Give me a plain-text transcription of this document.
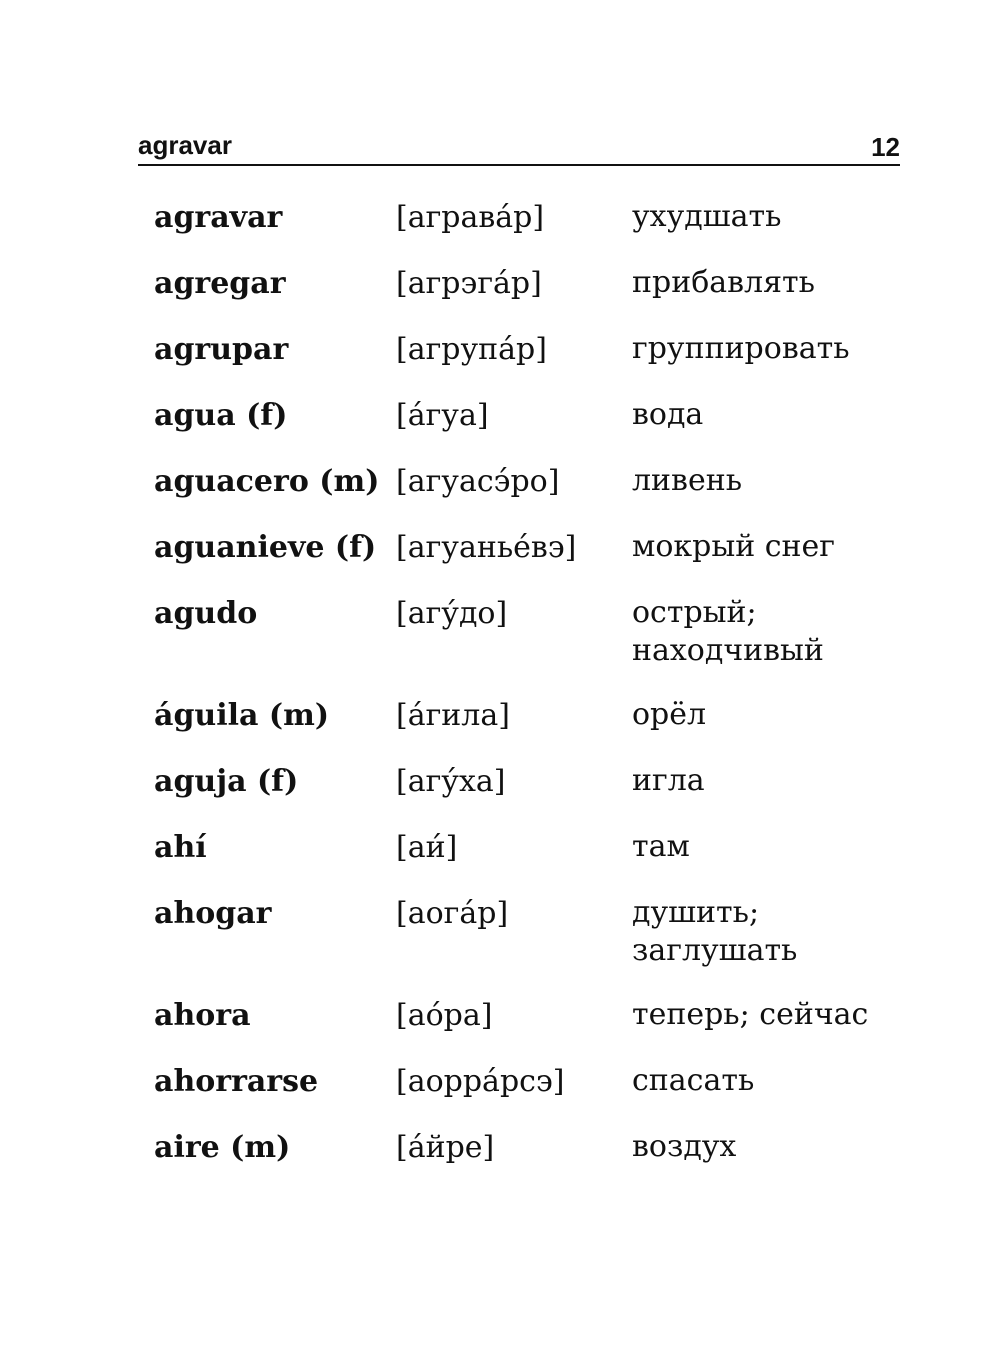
agravar	12
agravar	[аграва́р]	ухудшать
agregar	[агрэга́р]	прибавлять
agrupar	[агрупа́р]	группировать
agua (f)	[а́гуа]	вода
aguacero (m) [агуасэ́ро]	ливень
aguanieve (f) [агуаньéвэ]	мокрый снег
agudo	[агу́до]	острый;
находчивый
águila (m)	[а́гила]	орёл
aguja (f)	[агу́ха]	игла
ahí	[аи́]	там
ahogar	[аога́р]	душить;
заглушать
ahora	[ао́ра]	теперь; сейчас
ahorrarse	[аорра́рсэ]	спасать
aire (m)	[а́йре]	воздух
